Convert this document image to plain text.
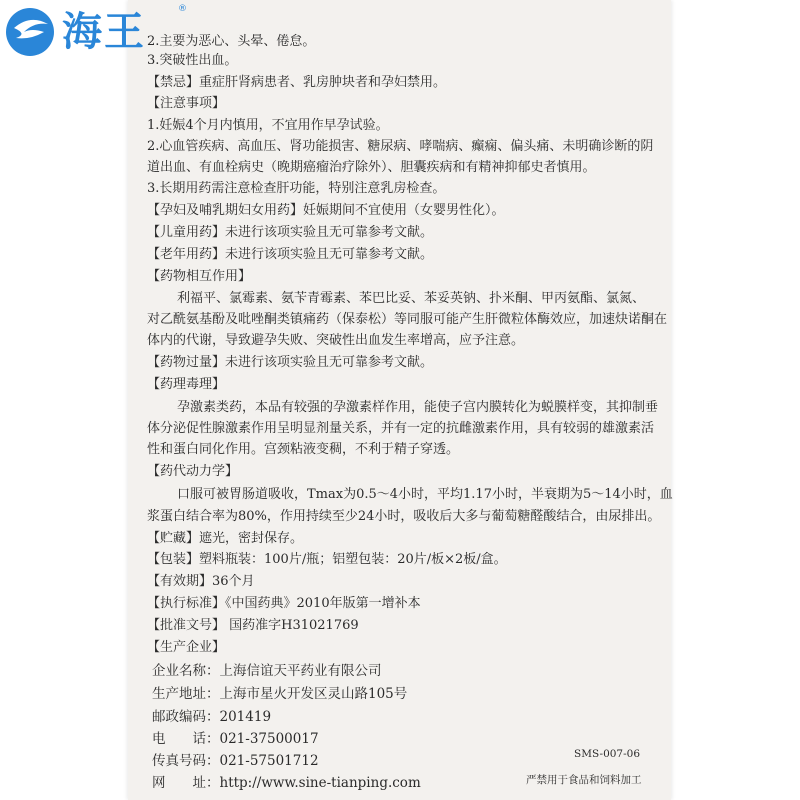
海王	®
2.主要为恶心、头晕、倦怠。
3.突破性出血。
【禁忌】重症肝肾病患者、乳房肿块者和孕妇禁用。
【注意事项】
1.妊娠4个月内慎用，不宜用作早孕试验。
2.心血管疾病、高血压、肾功能损害、糖尿病、哮喘病、癫痫、偏头痛、未明确诊断的阴
道出血、有血栓病史（晚期癌瘤治疗除外）、胆囊疾病和有精神抑郁史者慎用。
3.长期用药需注意检查肝功能，特别注意乳房检查。
【孕妇及哺乳期妇女用药】妊娠期间不宜使用（女婴男性化）。
【儿童用药】未进行该项实验且无可靠参考文献。
【老年用药】未进行该项实验且无可靠参考文献。
【药物相互作用】
利福平、氯霉素、氨苄青霉素、苯巴比妥、苯妥英钠、扑米酮、甲丙氨酯、氯氮、
对乙酰氨基酚及吡唑酮类镇痛药（保泰松）等同服可能产生肝微粒体酶效应，加速炔诺酮在
体内的代谢，导致避孕失败、突破性出血发生率增高，应予注意。
【药物过量】未进行该项实验且无可靠参考文献。
【药理毒理】
孕激素类药，本品有较强的孕激素样作用，能使子宫内膜转化为蜕膜样变，其抑制垂
体分泌促性腺激素作用呈明显剂量关系，并有一定的抗雌激素作用，具有较弱的雄激素活
性和蛋白同化作用。宫颈粘液变稠，不利于精子穿透。
【药代动力学】
口服可被胃肠道吸收，Tmax为0.5～4小时，平均1.17小时，半衰期为5～14小时，血
浆蛋白结合率为80%，作用持续至少24小时，吸收后大多与葡萄糖醛酸结合，由尿排出。
【贮藏】遮光，密封保存。
【包装】塑料瓶装：100片/瓶；铝塑包装：20片/板×2板/盒。
【有效期】36个月
【执行标准】《中国药典》2010年版第一增补本
【批准文号】 国药准字H31021769
【生产企业】
企业名称：上海信谊天平药业有限公司
生产地址：上海市星火开发区灵山路105号
邮政编码：201419
电　　话：021-37500017
传真号码：021-57501712
网　　址：http://www.sine-tianping.com
SMS-007-06
严禁用于食品和饲料加工
